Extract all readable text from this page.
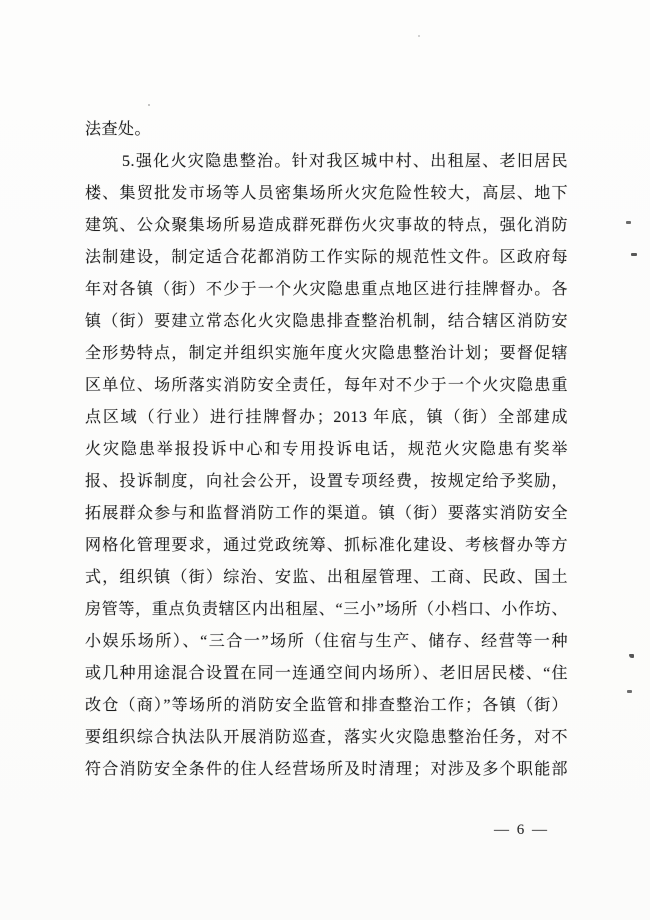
法查处。
5.强化火灾隐患整治。针对我区城中村、出租屋、老旧居民
楼、集贸批发市场等人员密集场所火灾危险性较大，高层、地下
建筑、公众聚集场所易造成群死群伤火灾事故的特点，强化消防
法制建设，制定适合花都消防工作实际的规范性文件。区政府每
年对各镇（街）不少于一个火灾隐患重点地区进行挂牌督办。各
镇（街）要建立常态化火灾隐患排查整治机制，结合辖区消防安
全形势特点，制定并组织实施年度火灾隐患整治计划；要督促辖
区单位、场所落实消防安全责任，每年对不少于一个火灾隐患重
点区域（行业）进行挂牌督办；2013 年底，镇（街）全部建成
火灾隐患举报投诉中心和专用投诉电话，规范火灾隐患有奖举
报、投诉制度，向社会公开，设置专项经费，按规定给予奖励，
拓展群众参与和监督消防工作的渠道。镇（街）要落实消防安全
网格化管理要求，通过党政统筹、抓标准化建设、考核督办等方
式，组织镇（街）综治、安监、出租屋管理、工商、民政、国土
房管等，重点负责辖区内出租屋、“三小”场所（小档口、小作坊、
小娱乐场所）、“三合一”场所（住宿与生产、储存、经营等一种
或几种用途混合设置在同一连通空间内场所）、老旧居民楼、“住
改仓（商）”等场所的消防安全监管和排查整治工作；各镇（街）
要组织综合执法队开展消防巡查，落实火灾隐患整治任务，对不
符合消防安全条件的住人经营场所及时清理；对涉及多个职能部
— 6 —
